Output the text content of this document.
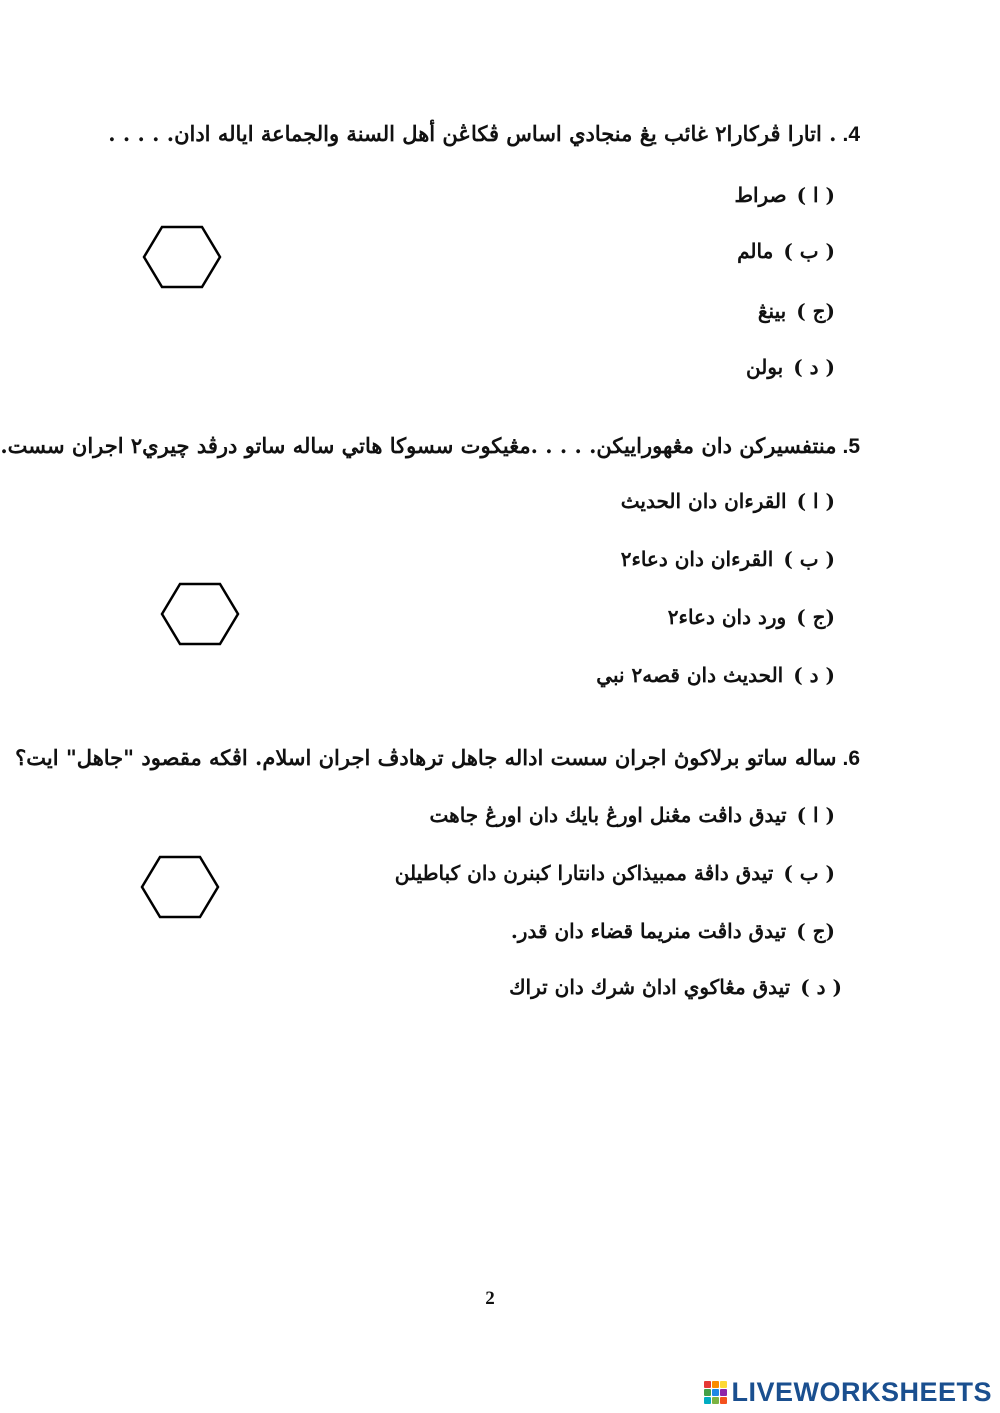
4.. اتارا ڤركارا٢ غائب يڠ منجادي اساس ڤكاڠن أهل السنة والجماعة اياله ادان. . . . .
( ا )صراط
( ب )مالم
(ج )بينڠ
( د )بولن
5.منتفسيرکن دان مڠهوراييکن. . . . .مڠيکوت سسوکا هاتي ساله ساتو درڤد چيري٢ اجران سست.
( ا )القرءان دان الحديث
( ب )القرءان دان دعاء٢
(ج )ورد دان دعاء٢
( د )الحديث دان قصه٢ نبي
6.ساله ساتو برلاکوڽ اجران سست اداله جاهل ترهادڤ اجران اسلام. اڤکه مقصود "جاهل" ايت؟
( ا )تيدق داڤت مڠنل اورڠ بايك دان اورڠ جاهت
( ب )تيدق داڤة ممبيذاکن دانتارا کبنرن دان کباطيلن
(ج )تيدق داڤت منريما قضاء دان قدر.
( د )تيدق مڠاکوي اداڽ شرك دان تراك
2
LIVEWORKSHEETS
